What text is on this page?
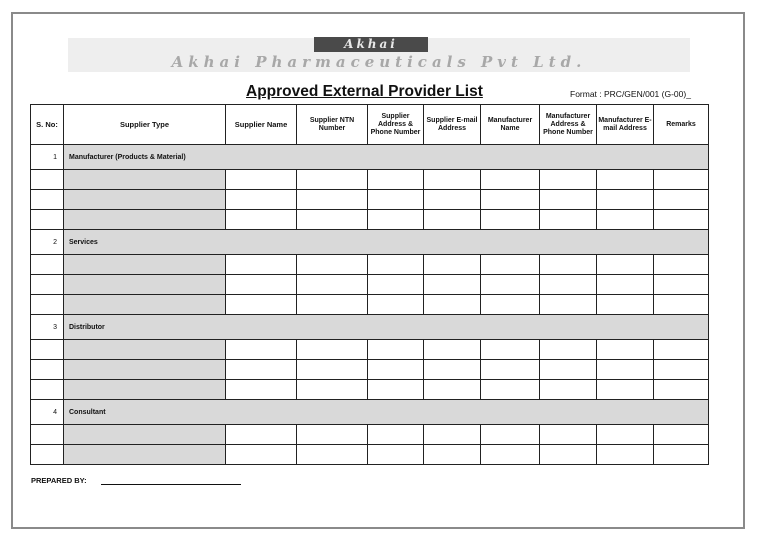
Akhai
Akhai Pharmaceuticals Pvt Ltd.
Approved External Provider List	Format : PRC/GEN/001 (G-00)_
S. No:	Supplier Type	Supplier Name	Supplier NTN Number	Supplier Address & Phone Number	Supplier E-mail Address	Manufacturer Name	Manufacturer Address & Phone Number	Manufacturer E-mail Address	Remarks
1	Manufacturer (Products & Material)								

2	Services								

3	Distributor								

4	Consultant								

PREPARED BY:
